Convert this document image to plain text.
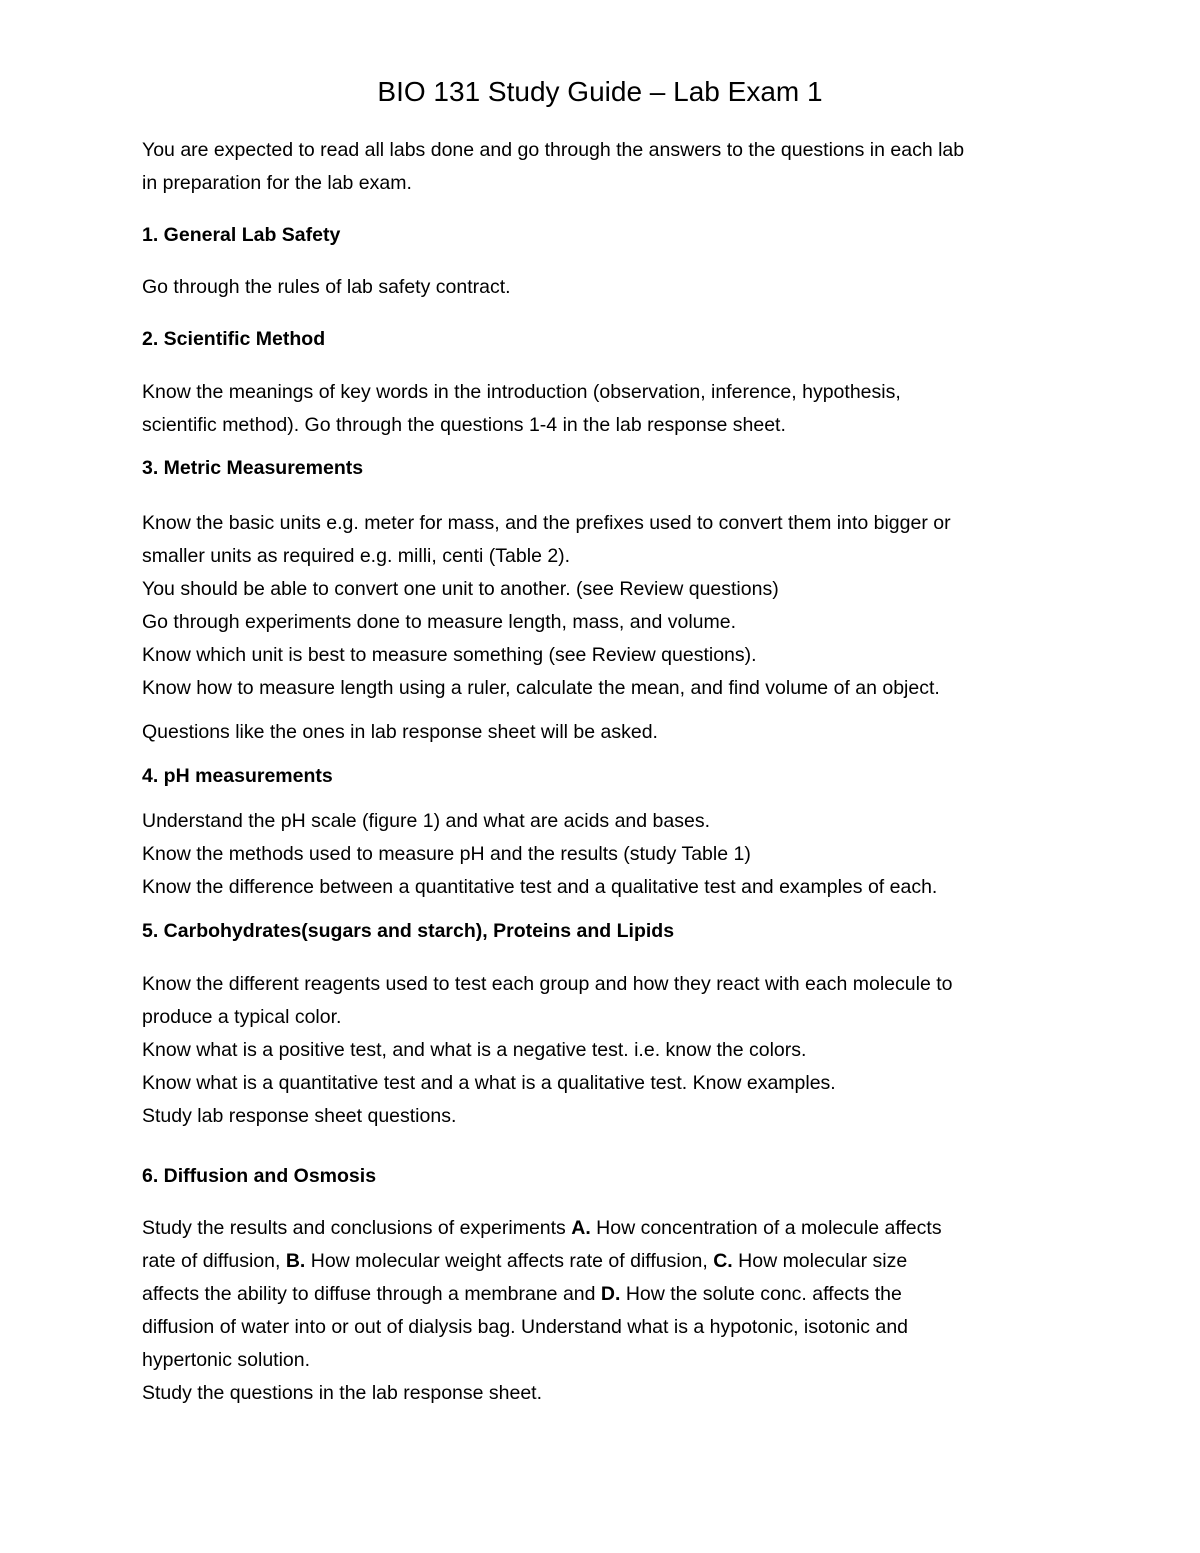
BIO 131 Study Guide – Lab Exam 1

You are expected to read all labs done and go through the answers to the questions in each lab
in preparation for the lab exam.

1. General Lab Safety

Go through the rules of lab safety contract.

2. Scientific Method

Know the meanings of key words in the introduction (observation, inference, hypothesis,
scientific method). Go through the questions 1-4 in the lab response sheet.

3. Metric Measurements

Know the basic units e.g. meter for mass, and the prefixes used to convert them into bigger or
smaller units as required e.g. milli, centi (Table 2).
You should be able to convert one unit to another. (see Review questions)
Go through experiments done to measure length, mass, and volume.
Know which unit is best to measure something (see Review questions).
Know how to measure length using a ruler, calculate the mean, and find volume of an object.

Questions like the ones in lab response sheet will be asked.

4. pH measurements

Understand the pH scale (figure 1) and what are acids and bases.
Know the methods used to measure pH and the results (study Table 1)
Know the difference between a quantitative test and a qualitative test and examples of each.

5. Carbohydrates(sugars and starch), Proteins and Lipids

Know the different reagents used to test each group and how they react with each molecule to
produce a typical color.
Know what is a positive test, and what is a negative test. i.e. know the colors.
Know what is a quantitative test and a what is a qualitative test. Know examples.
Study lab response sheet questions.

6. Diffusion and Osmosis

Study the results and conclusions of experiments A. How concentration of a molecule affects
rate of diffusion, B. How molecular weight affects rate of diffusion, C. How molecular size
affects the ability to diffuse through a membrane and D. How the solute conc. affects the
diffusion of water into or out of dialysis bag. Understand what is a hypotonic, isotonic and
hypertonic solution.
Study the questions in the lab response sheet.
